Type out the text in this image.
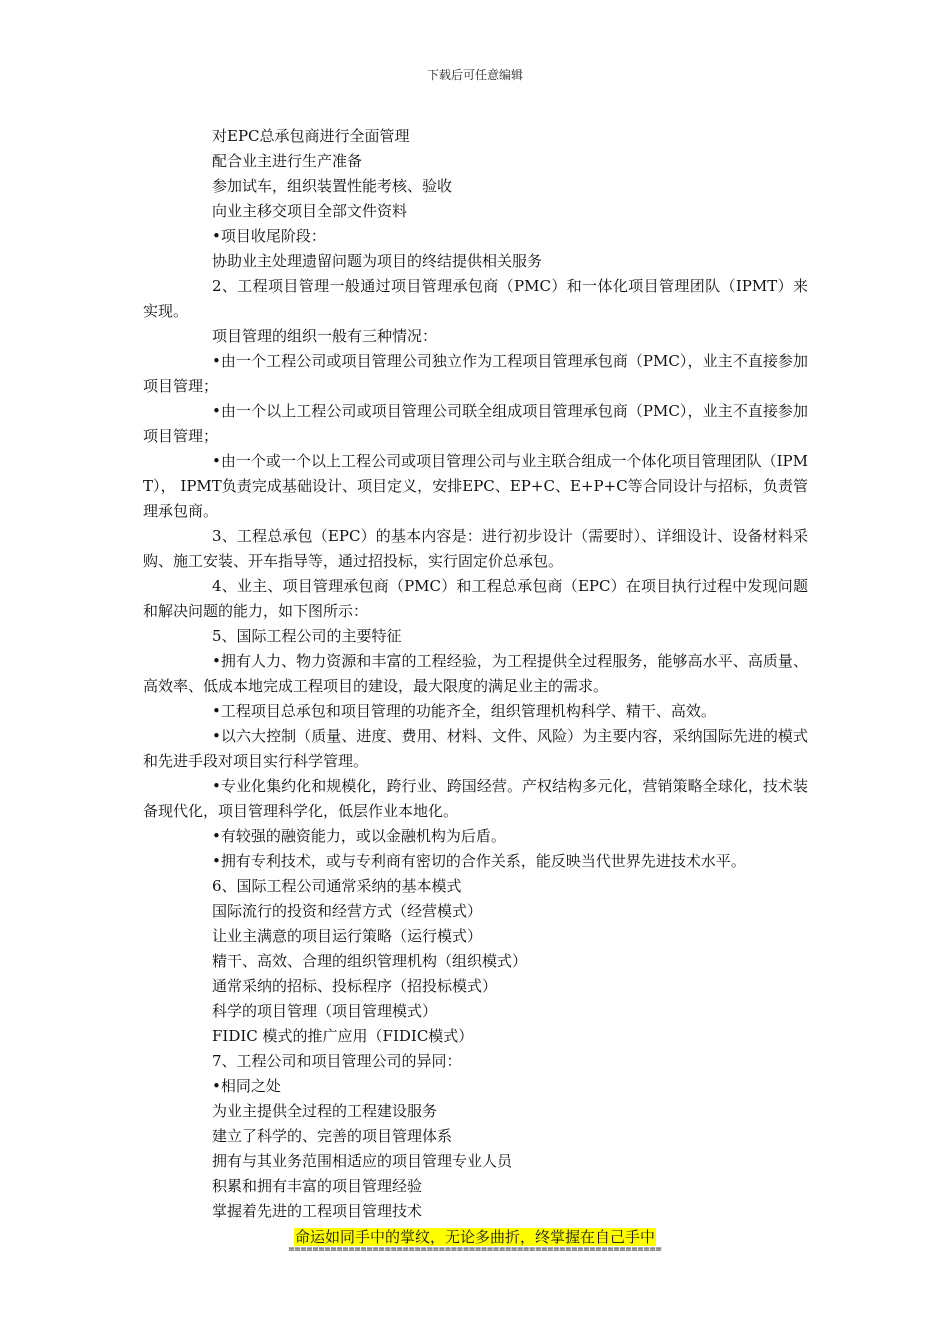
下载后可任意编辑

对EPC总承包商进行全面管理

配合业主进行生产准备

参加试车，组织装置性能考核、验收

向业主移交项目全部文件资料

•项目收尾阶段：

协助业主处理遗留问题为项目的终结提供相关服务

2、工程项目管理一般通过项目管理承包商（PMC）和一体化项目管理团队（IPMT）来实现。

项目管理的组织一般有三种情况：

•由一个工程公司或项目管理公司独立作为工程项目管理承包商（PMC），业主不直接参加项目管理；

•由一个以上工程公司或项目管理公司联全组成项目管理承包商（PMC），业主不直接参加项目管理；

•由一个或一个以上工程公司或项目管理公司与业主联合组成一个体化项目管理团队（IPMT）， IPMT负责完成基础设计、项目定义，安排EPC、EP+C、E+P+C等合同设计与招标，负责管理承包商。

3、工程总承包（EPC）的基本内容是：进行初步设计（需要时）、详细设计、设备材料采购、施工安装、开车指导等，通过招投标，实行固定价总承包。

4、业主、项目管理承包商（PMC）和工程总承包商（EPC）在项目执行过程中发现问题和解决问题的能力，如下图所示：

5、国际工程公司的主要特征

•拥有人力、物力资源和丰富的工程经验，为工程提供全过程服务，能够高水平、高质量、高效率、低成本地完成工程项目的建设，最大限度的满足业主的需求。

•工程项目总承包和项目管理的功能齐全，组织管理机构科学、精干、高效。

•以六大控制（质量、进度、费用、材料、文件、风险）为主要内容，采纳国际先进的模式和先进手段对项目实行科学管理。

•专业化集约化和规模化，跨行业、跨国经营。产权结构多元化，营销策略全球化，技术装备现代化，项目管理科学化，低层作业本地化。

•有较强的融资能力，或以金融机构为后盾。

•拥有专利技术，或与专利商有密切的合作关系，能反映当代世界先进技术水平。

6、国际工程公司通常采纳的基本模式

国际流行的投资和经营方式（经营模式）

让业主满意的项目运行策略（运行模式）

精干、高效、合理的组织管理机构（组织模式）

通常采纳的招标、投标程序（招投标模式）

科学的项目管理（项目管理模式）

FIDIC 模式的推广应用（FIDIC模式）

7、工程公司和项目管理公司的异同：

•相同之处

为业主提供全过程的工程建设服务

建立了科学的、完善的项目管理体系

拥有与其业务范围相适应的项目管理专业人员

积累和拥有丰富的项目管理经验

掌握着先进的工程项目管理技术

命运如同手中的掌纹，无论多曲折，终掌握在自己手中
==============================================================
